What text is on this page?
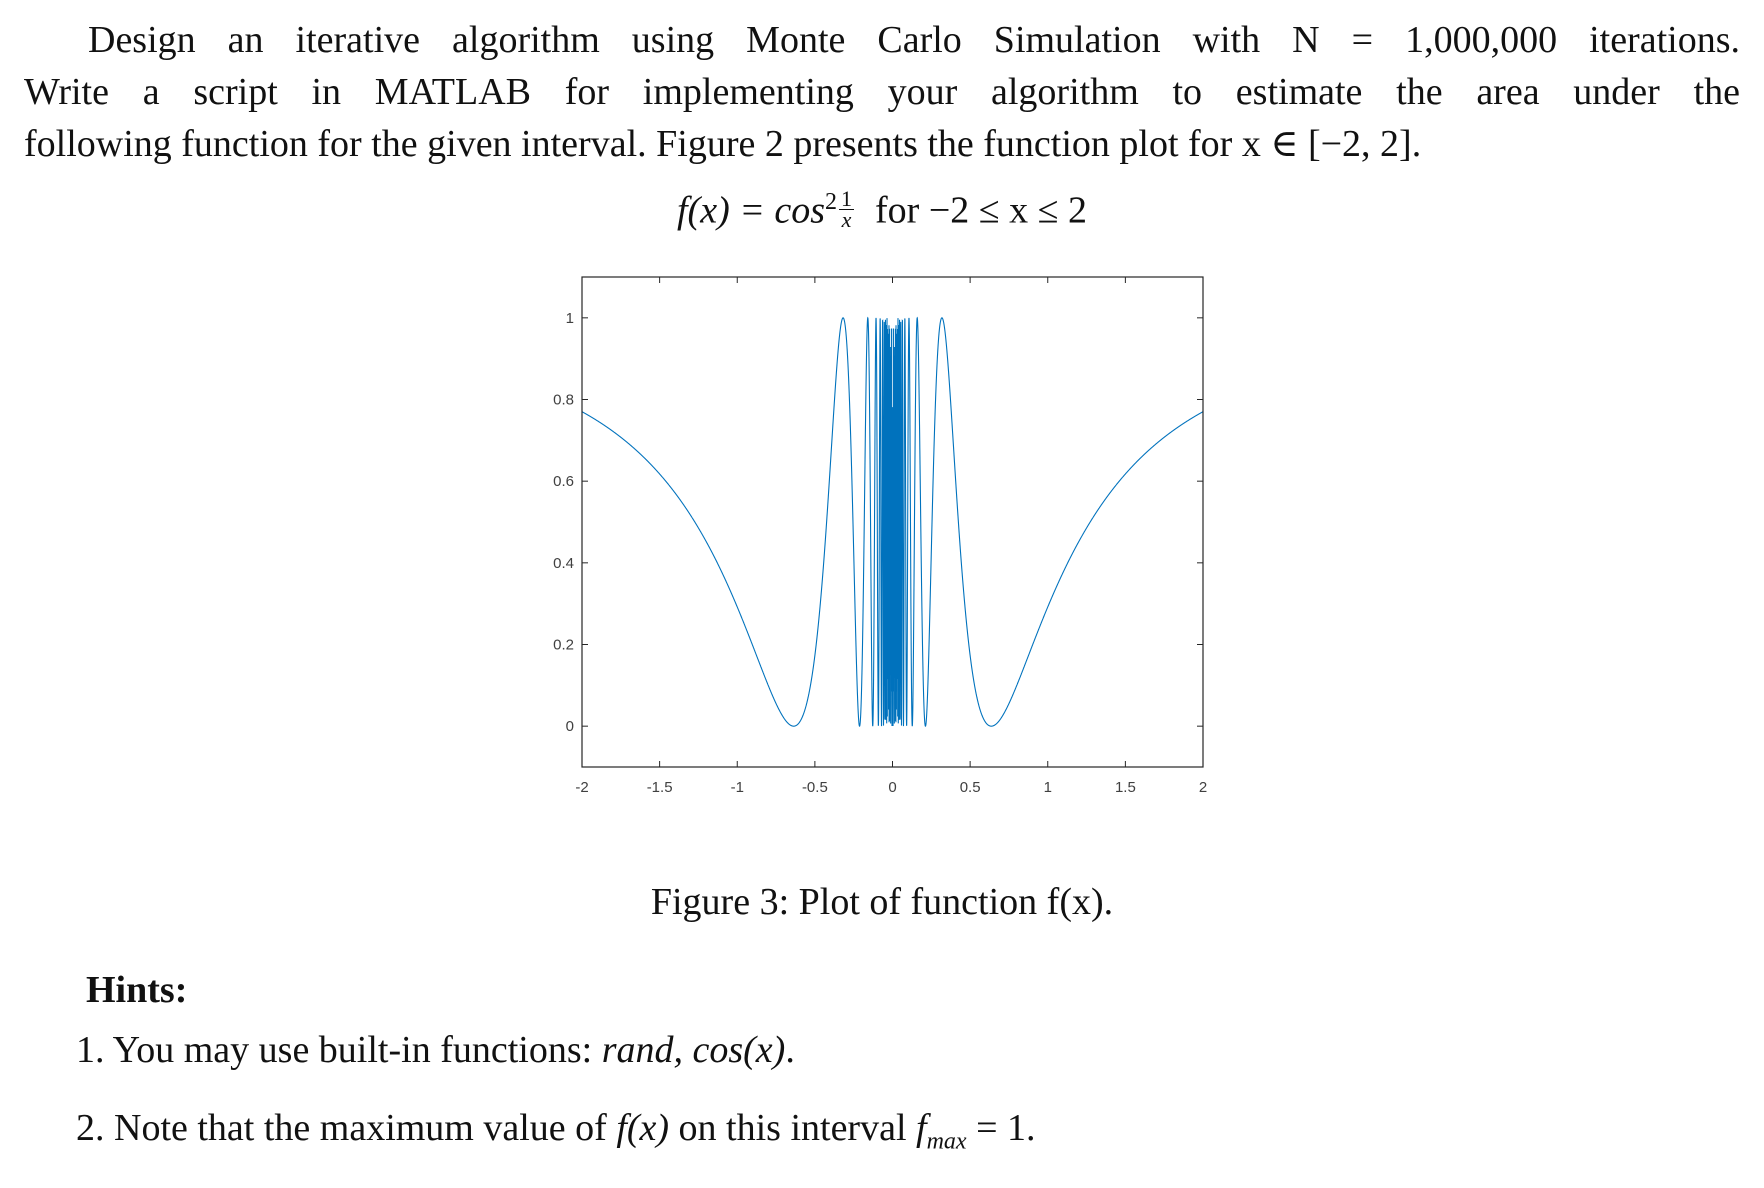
Design an iterative algorithm using Monte Carlo Simulation with N = 1,000,000 iterations.
Write a script in MATLAB for implementing your algorithm to estimate the area under the
following function for the given interval. Figure 2 presents the function plot for x ∈ [−2, 2].
$f(x) = \cos^2 \frac{1}{x}$ for −2 ≤ x ≤ 2
-2	-1.5	-1	-0.5	0	0.5	1	1.5	2
0
0.2
0.4
0.6
0.8
1
Figure 3: Plot of function f(x).
Hints:
1. You may use built-in functions: rand, cos(x).
2. Note that the maximum value of f(x) on this interval $f_{max} = 1$.
